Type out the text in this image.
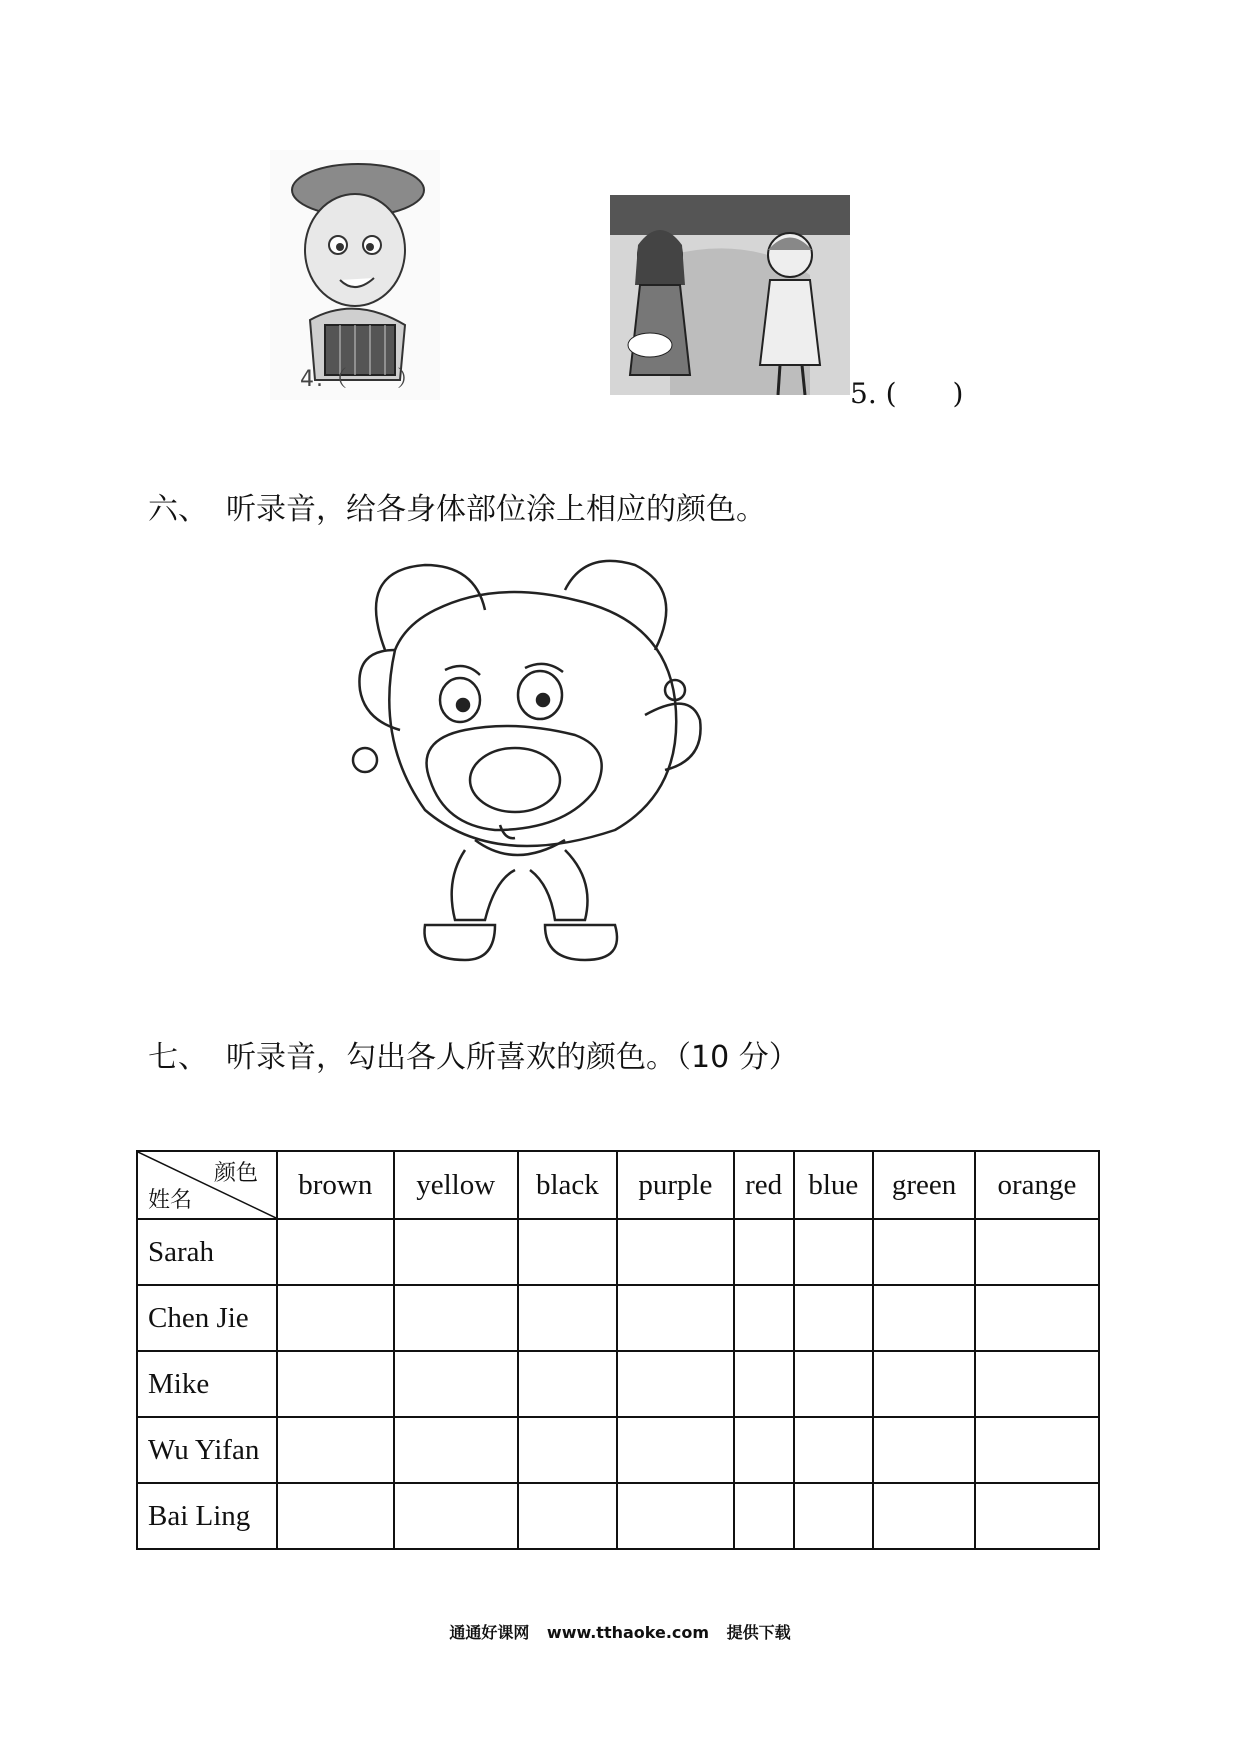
4.（　　）	5. (　　)
六、 听录音，给各身体部位涂上相应的颜色。
七、 听录音，勾出各人所喜欢的颜色。（10 分）
颜色
姓名	brown	yellow	black	purple	red	blue	green	orange
Sarah								
Chen Jie								
Mike								
Wu Yifan								
Bai Ling								
通通好课网 www.tthaoke.com 提供下载
